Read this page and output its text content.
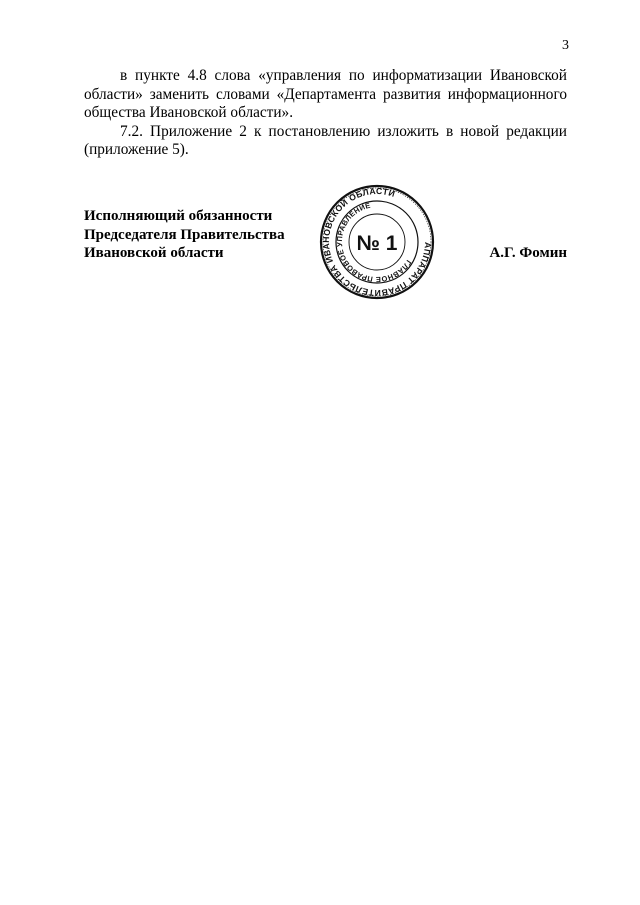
3

в пункте 4.8 слова «управления по информатизации Ивановской области» заменить словами «Департамента развития информационного общества Ивановской области».

7.2. Приложение 2 к постановлению изложить в новой редакции (приложение 5).

Исполняющий обязанности
Председателя Правительства
Ивановской области	АППАРАТ ПРАВИТЕЛЬСТВА ИВАНОВСКОЙ ОБЛАСТИ
ГЛАВНОЕ ПРАВОВОЕ УПРАВЛЕНИЕ
№ 1	А.Г. Фомин
